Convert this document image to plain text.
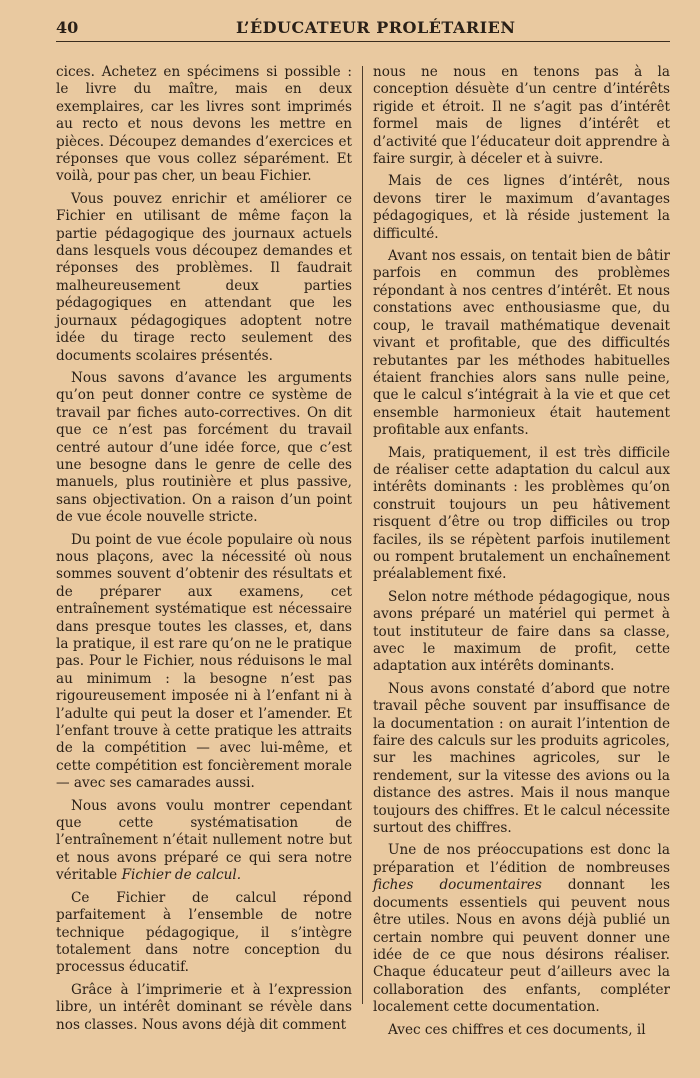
40	L’ÉDUCATEUR PROLÉTARIEN

cices. Achetez en spécimens si possible : le livre du maître, mais en deux exemplaires, car les livres sont imprimés au recto et nous devons les mettre en pièces. Découpez demandes d’exercices et réponses que vous collez séparément. Et voilà, pour pas cher, un beau Fichier.

Vous pouvez enrichir et améliorer ce Fichier en utilisant de même façon la partie pédagogique des journaux actuels dans lesquels vous découpez demandes et réponses des problèmes. Il faudrait malheureusement deux parties pédagogiques en attendant que les journaux pédagogiques adoptent notre idée du tirage recto seulement des documents scolaires présentés.

Nous savons d’avance les arguments qu’on peut donner contre ce système de travail par fiches auto-correctives. On dit que ce n’est pas forcément du travail centré autour d’une idée force, que c’est une besogne dans le genre de celle des manuels, plus routinière et plus passive, sans objectivation. On a raison d’un point de vue école nouvelle stricte.

Du point de vue école populaire où nous nous plaçons, avec la nécessité où nous sommes souvent d’obtenir des résultats et de préparer aux examens, cet entraînement systématique est nécessaire dans presque toutes les classes, et, dans la pratique, il est rare qu’on ne le pratique pas. Pour le Fichier, nous réduisons le mal au minimum : la besogne n’est pas rigoureusement imposée ni à l’enfant ni à l’adulte qui peut la doser et l’amender. Et l’enfant trouve à cette pratique les attraits de la compétition — avec lui-même, et cette compétition est foncièrement morale — avec ses camarades aussi.

Nous avons voulu montrer cependant que cette systématisation de l’entraînement n’était nullement notre but et nous avons préparé ce qui sera notre véritable Fichier de calcul.

Ce Fichier de calcul répond parfaitement à l’ensemble de notre technique pédagogique, il s’intègre totalement dans notre conception du processus éducatif.

Grâce à l’imprimerie et à l’expression libre, un intérêt dominant se révèle dans nos classes. Nous avons déjà dit comment

nous ne nous en tenons pas à la conception désuète d’un centre d’intérêts rigide et étroit. Il ne s’agit pas d’intérêt formel mais de lignes d’intérêt et d’activité que l’éducateur doit apprendre à faire surgir, à déceler et à suivre.

Mais de ces lignes d’intérêt, nous devons tirer le maximum d’avantages pédagogiques, et là réside justement la difficulté.

Avant nos essais, on tentait bien de bâtir parfois en commun des problèmes répondant à nos centres d’intérêt. Et nous constations avec enthousiasme que, du coup, le travail mathématique devenait vivant et profitable, que des difficultés rebutantes par les méthodes habituelles étaient franchies alors sans nulle peine, que le calcul s’intégrait à la vie et que cet ensemble harmonieux était hautement profitable aux enfants.

Mais, pratiquement, il est très difficile de réaliser cette adaptation du calcul aux intérêts dominants : les problèmes qu’on construit toujours un peu hâtivement risquent d’être ou trop difficiles ou trop faciles, ils se répètent parfois inutilement ou rompent brutalement un enchaînement préalablement fixé.

Selon notre méthode pédagogique, nous avons préparé un matériel qui permet à tout instituteur de faire dans sa classe, avec le maximum de profit, cette adaptation aux intérêts dominants.

Nous avons constaté d’abord que notre travail pêche souvent par insuffisance de la documentation : on aurait l’intention de faire des calculs sur les produits agricoles, sur les machines agricoles, sur le rendement, sur la vitesse des avions ou la distance des astres. Mais il nous manque toujours des chiffres. Et le calcul nécessite surtout des chiffres.

Une de nos préoccupations est donc la préparation et l’édition de nombreuses fiches documentaires donnant les documents essentiels qui peuvent nous être utiles. Nous en avons déjà publié un certain nombre qui peuvent donner une idée de ce que nous désirons réaliser. Chaque éducateur peut d’ailleurs avec la collaboration des enfants, compléter localement cette documentation.

Avec ces chiffres et ces documents, il
